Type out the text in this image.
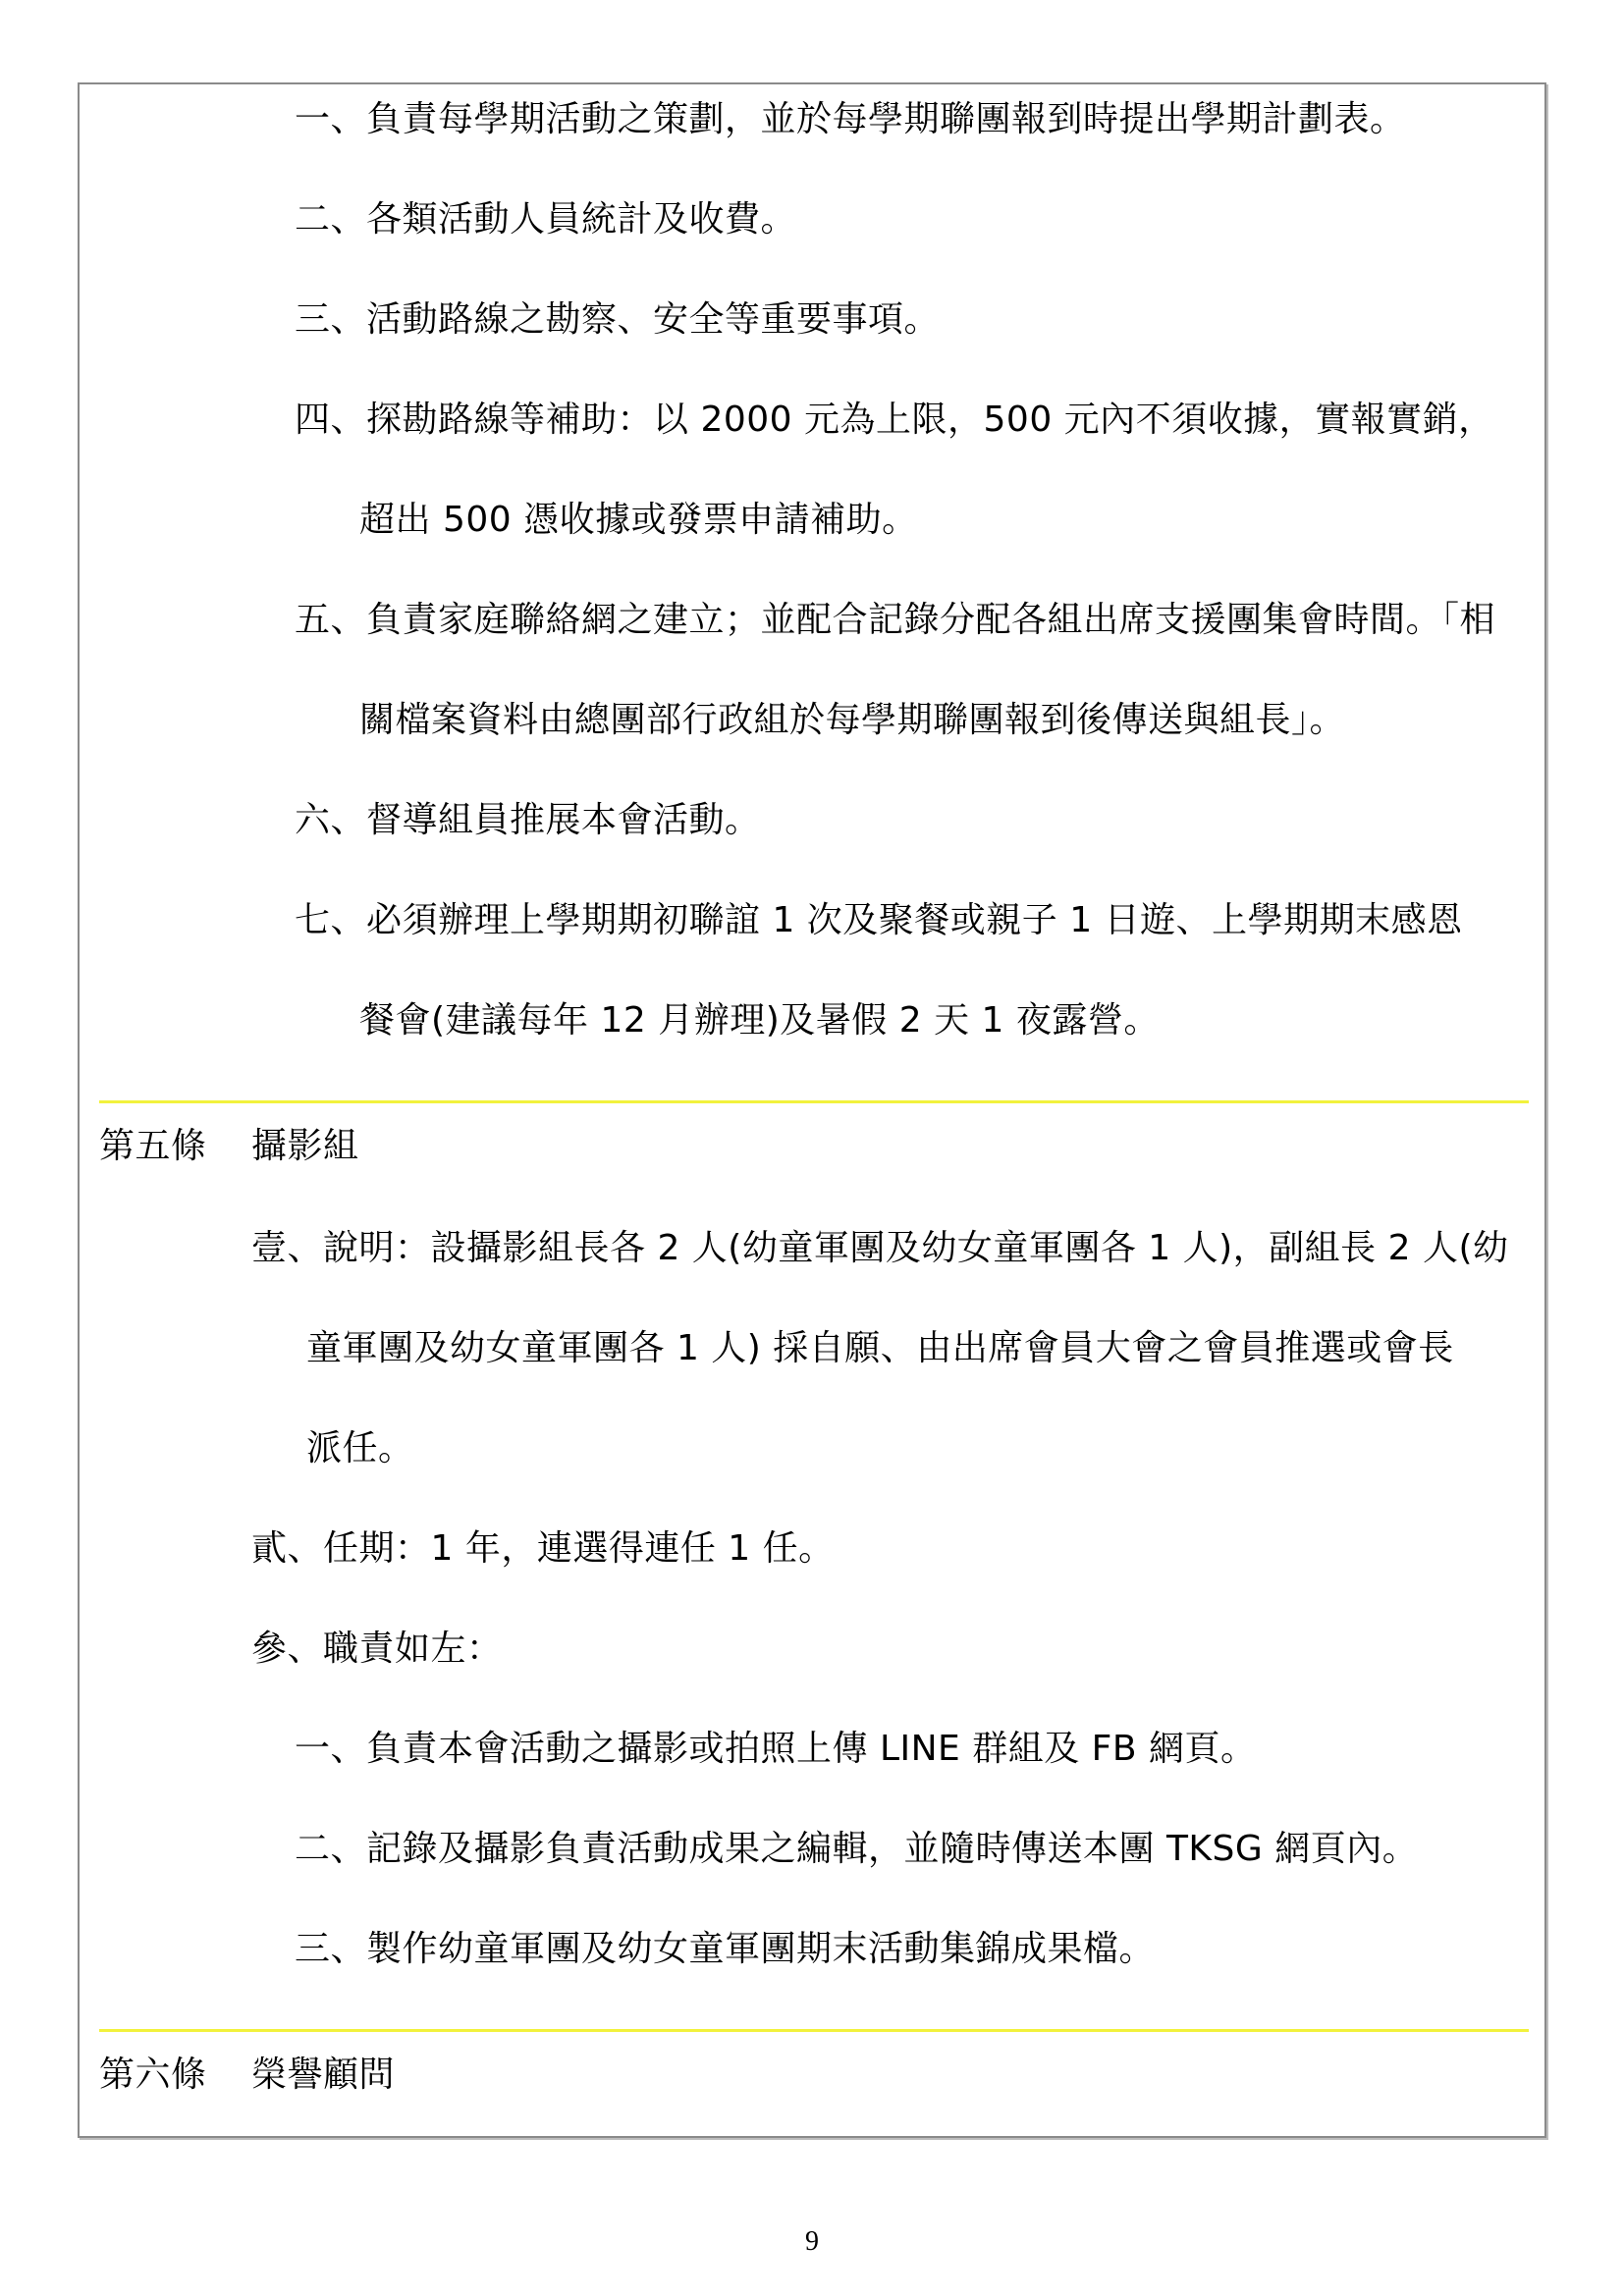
一、負責每學期活動之策劃，並於每學期聯團報到時提出學期計劃表。
二、各類活動人員統計及收費。
三、活動路線之勘察、安全等重要事項。
四、探勘路線等補助：以 2000 元為上限，500 元內不須收據，實報實銷，
超出 500 憑收據或發票申請補助。
五、負責家庭聯絡網之建立；並配合記錄分配各組出席支援團集會時間。「相
關檔案資料由總團部行政組於每學期聯團報到後傳送與組長」。
六、督導組員推展本會活動。
七、必須辦理上學期期初聯誼 1 次及聚餐或親子 1 日遊、上學期期末感恩
餐會(建議每年 12 月辦理)及暑假 2 天 1 夜露營。
第五條 攝影組
壹、說明：設攝影組長各 2 人(幼童軍團及幼女童軍團各 1 人)，副組長 2 人(幼
童軍團及幼女童軍團各 1 人) 採自願、由出席會員大會之會員推選或會長
派任。
貳、任期：1 年，連選得連任 1 任。
參、職責如左：
一、負責本會活動之攝影或拍照上傳 LINE 群組及 FB 網頁。
二、記錄及攝影負責活動成果之編輯，並隨時傳送本團 TKSG 網頁內。
三、製作幼童軍團及幼女童軍團期末活動集錦成果檔。
第六條 榮譽顧問
9
